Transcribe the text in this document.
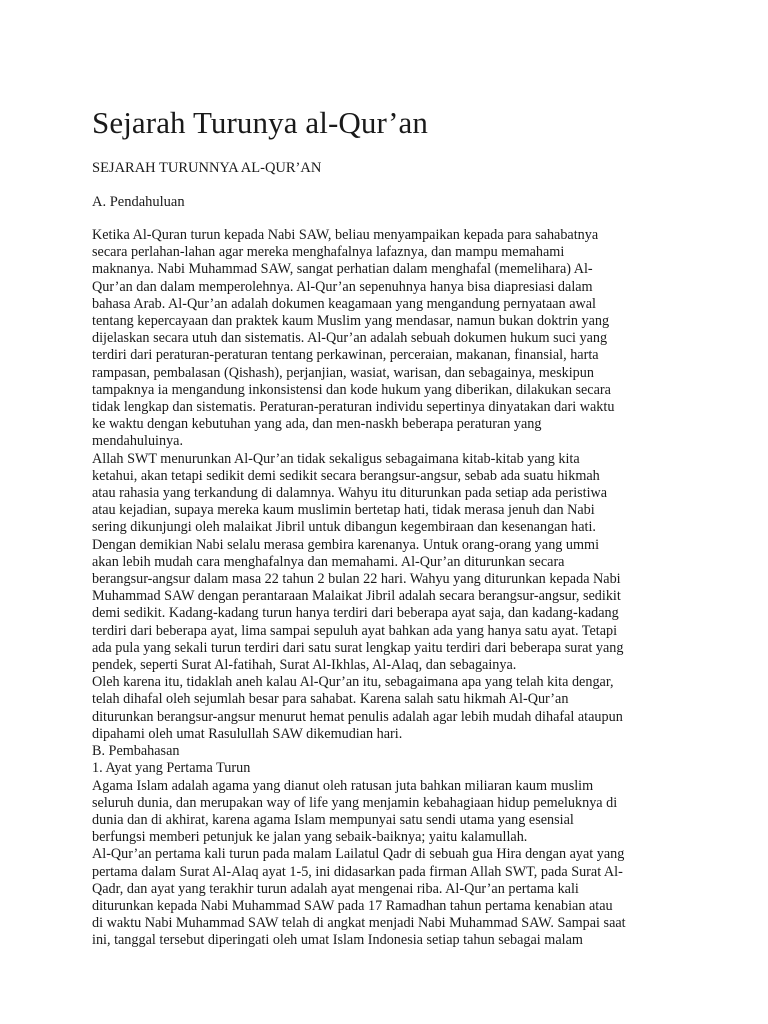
Sejarah Turunya al-Qur’an
SEJARAH TURUNNYA AL-QUR’AN
A. Pendahuluan

Ketika Al-Quran turun kepada Nabi SAW, beliau menyampaikan kepada para sahabatnya
secara perlahan-lahan agar mereka menghafalnya lafaznya, dan mampu memahami
maknanya. Nabi Muhammad SAW, sangat perhatian dalam menghafal (memelihara) Al-
Qur’an dan dalam memperolehnya. Al-Qur’an sepenuhnya hanya bisa diapresiasi dalam
bahasa Arab. Al-Qur’an adalah dokumen keagamaan yang mengandung pernyataan awal
tentang kepercayaan dan praktek kaum Muslim yang mendasar, namun bukan doktrin yang
dijelaskan secara utuh dan sistematis. Al-Qur’an adalah sebuah dokumen hukum suci yang
terdiri dari peraturan-peraturan tentang perkawinan, perceraian, makanan, finansial, harta
rampasan, pembalasan (Qishash), perjanjian, wasiat, warisan, dan sebagainya, meskipun
tampaknya ia mengandung inkonsistensi dan kode hukum yang diberikan, dilakukan secara
tidak lengkap dan sistematis. Peraturan-peraturan individu sepertinya dinyatakan dari waktu
ke waktu dengan kebutuhan yang ada, dan men-naskh beberapa peraturan yang
mendahuluinya.

Allah SWT menurunkan Al-Qur’an tidak sekaligus sebagaimana kitab-kitab yang kita
ketahui, akan tetapi sedikit demi sedikit secara berangsur-angsur, sebab ada suatu hikmah
atau rahasia yang terkandung di dalamnya. Wahyu itu diturunkan pada setiap ada peristiwa
atau kejadian, supaya mereka kaum muslimin bertetap hati, tidak merasa jenuh dan Nabi
sering dikunjungi oleh malaikat Jibril untuk dibangun kegembiraan dan kesenangan hati.
Dengan demikian Nabi selalu merasa gembira karenanya. Untuk orang-orang yang ummi
akan lebih mudah cara menghafalnya dan memahami. Al-Qur’an diturunkan secara
berangsur-angsur dalam masa 22 tahun 2 bulan 22 hari. Wahyu yang diturunkan kepada Nabi
Muhammad SAW dengan perantaraan Malaikat Jibril adalah secara berangsur-angsur, sedikit
demi sedikit. Kadang-kadang turun hanya terdiri dari beberapa ayat saja, dan kadang-kadang
terdiri dari beberapa ayat, lima sampai sepuluh ayat bahkan ada yang hanya satu ayat. Tetapi
ada pula yang sekali turun terdiri dari satu surat lengkap yaitu terdiri dari beberapa surat yang
pendek, seperti Surat Al-fatihah, Surat Al-Ikhlas, Al-Alaq, dan sebagainya.

Oleh karena itu, tidaklah aneh kalau Al-Qur’an itu, sebagaimana apa yang telah kita dengar,
telah dihafal oleh sejumlah besar para sahabat. Karena salah satu hikmah Al-Qur’an
diturunkan berangsur-angsur menurut hemat penulis adalah agar lebih mudah dihafal ataupun
dipahami oleh umat Rasulullah SAW dikemudian hari.

B. Pembahasan

1. Ayat yang Pertama Turun

Agama Islam adalah agama yang dianut oleh ratusan juta bahkan miliaran kaum muslim
seluruh dunia, dan merupakan way of life yang menjamin kebahagiaan hidup pemeluknya di
dunia dan di akhirat, karena agama Islam mempunyai satu sendi utama yang esensial
berfungsi memberi petunjuk ke jalan yang sebaik-baiknya; yaitu kalamullah.

Al-Qur’an pertama kali turun pada malam Lailatul Qadr di sebuah gua Hira dengan ayat yang
pertama dalam Surat Al-Alaq ayat 1-5, ini didasarkan pada firman Allah SWT, pada Surat Al-
Qadr, dan ayat yang terakhir turun adalah ayat mengenai riba. Al-Qur’an pertama kali
diturunkan kepada Nabi Muhammad SAW pada 17 Ramadhan tahun pertama kenabian atau
di waktu Nabi Muhammad SAW telah di angkat menjadi Nabi Muhammad SAW. Sampai saat
ini, tanggal tersebut diperingati oleh umat Islam Indonesia setiap tahun sebagai malam
